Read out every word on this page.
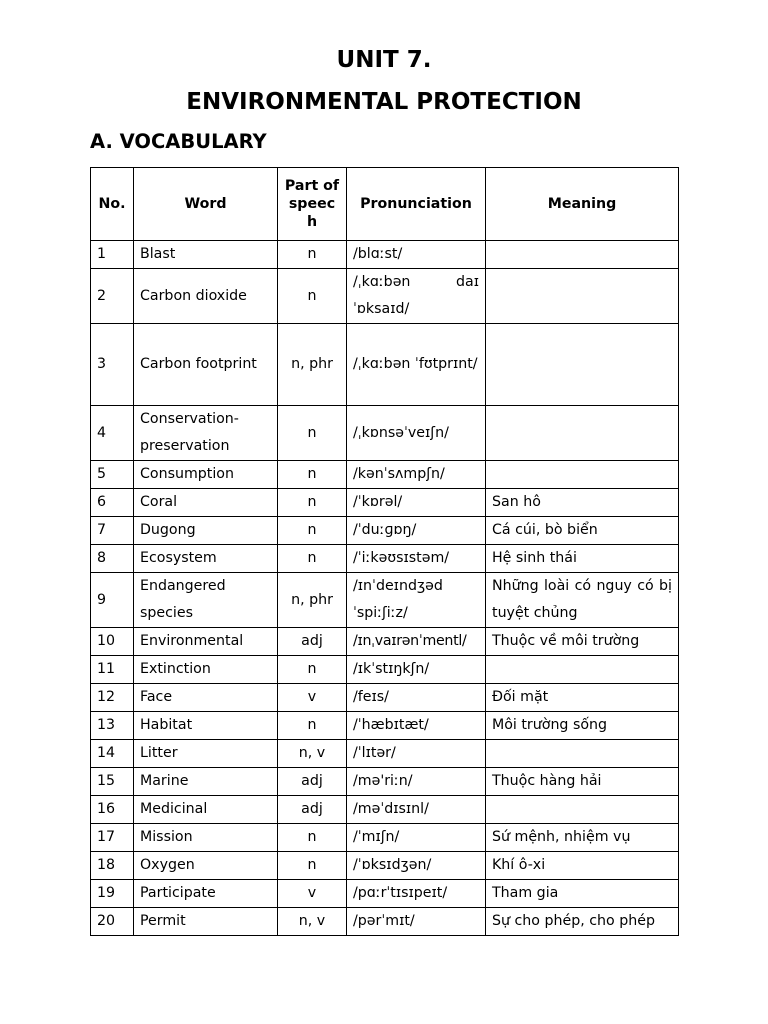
UNIT 7.
ENVIRONMENTAL PROTECTION
A. VOCABULARY
No.	Word	Part of speech	Pronunciation	Meaning
1	Blast	n	/blɑːst/	
2	Carbon dioxide	n	/ˌkɑːbən daɪ ˈɒksaɪd/	

3	Carbon footprint	n, phr	/ˌkɑːbən ˈfʊtprɪnt/	
4	Conservation-preservation	n	/ˌkɒnsəˈveɪʃn/	
5	Consumption	n	/kənˈsʌmpʃn/	
6	Coral	n	/ˈkɒrəl/	San hô
7	Dugong	n	/ˈduːɡɒŋ/	Cá cúi, bò biển
8	Ecosystem	n	/ˈiːkəʊsɪstəm/	Hệ sinh thái
9	Endangered species	n, phr	/ɪnˈdeɪndʒəd ˈspiːʃiːz/	Những loài có nguy có bị tuyệt chủng
10	Environmental	adj	/ɪnˌvaɪrənˈmentl/	Thuộc về môi trường
11	Extinction	n	/ɪkˈstɪŋkʃn/	
12	Face	v	/feɪs/	Đối mặt
13	Habitat	n	/ˈhæbɪtæt/	Môi trường sống
14	Litter	n, v	/ˈlɪtər/	
15	Marine	adj	/mə'riːn/	Thuộc hàng hải
16	Medicinal	adj	/məˈdɪsɪnl/	
17	Mission	n	/ˈmɪʃn/	Sứ mệnh, nhiệm vụ
18	Oxygen	n	/ˈɒksɪdʒən/	Khí ô-xi
19	Participate	v	/pɑːrˈtɪsɪpeɪt/	Tham gia
20	Permit	n, v	/pərˈmɪt/	Sự cho phép, cho phép
